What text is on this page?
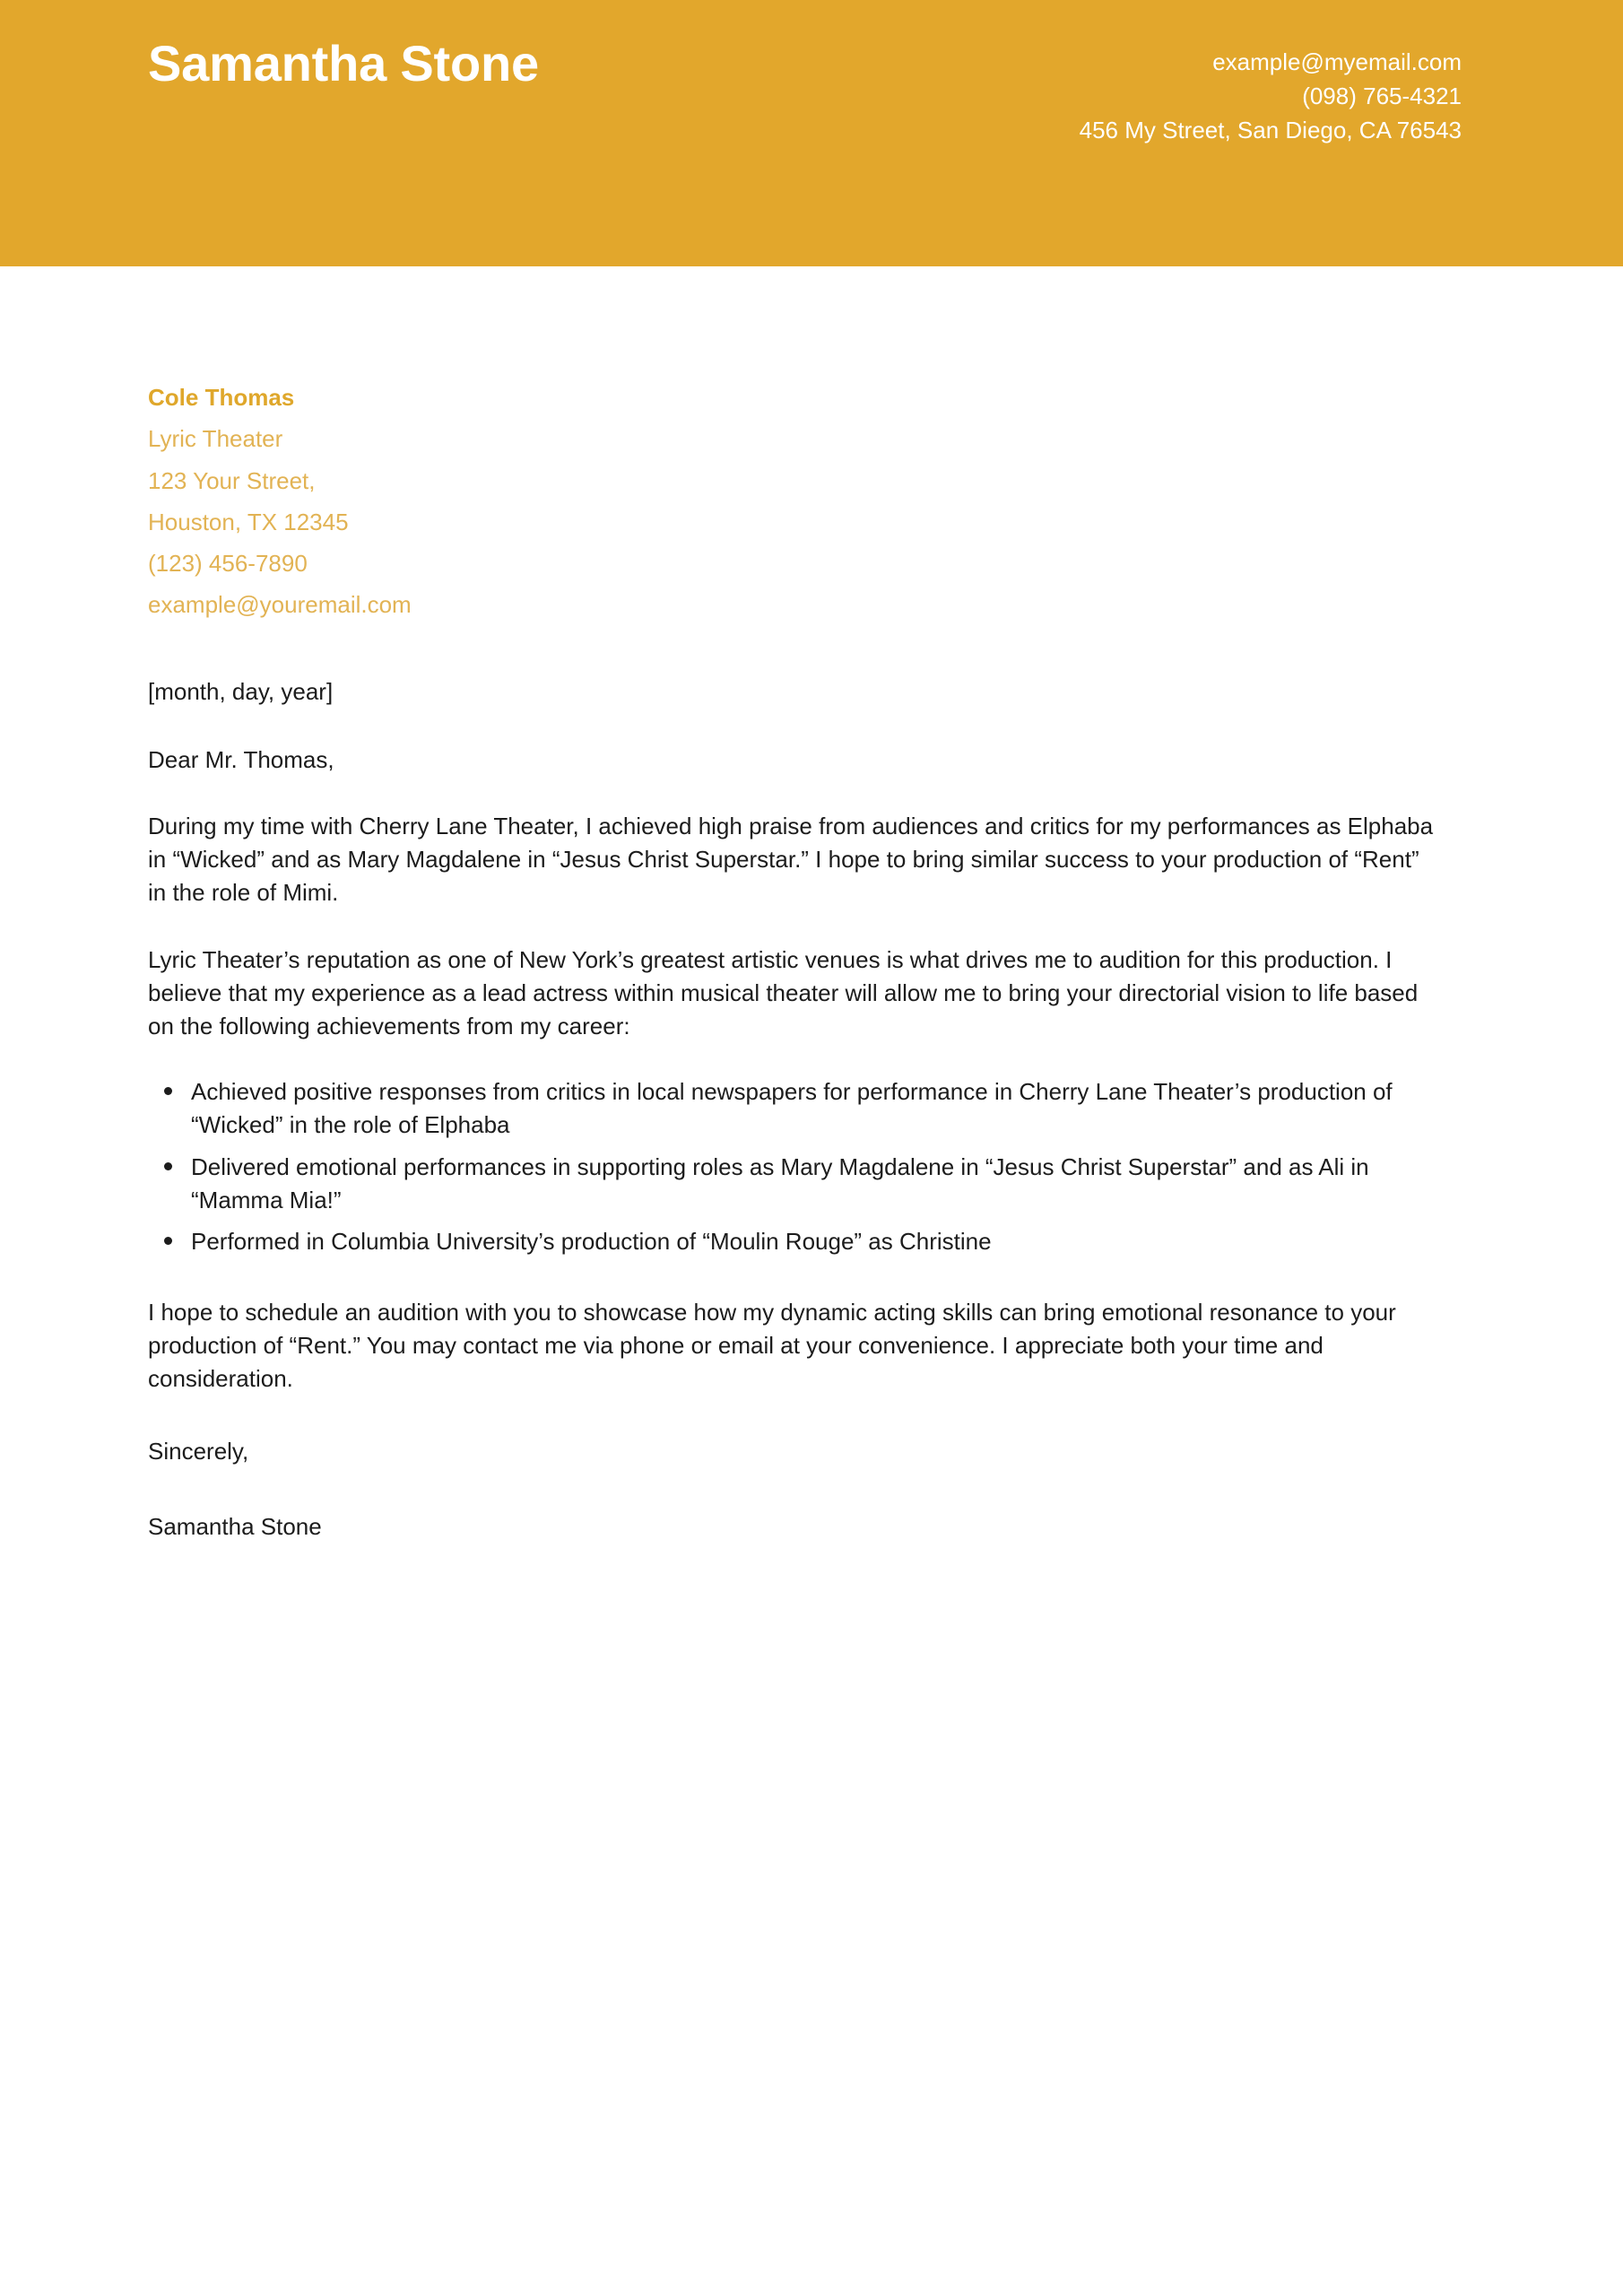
Samantha Stone	example@myemail.com
(098) 765-4321
456 My Street, San Diego, CA 76543
Cole Thomas
Lyric Theater
123 Your Street,
Houston, TX 12345
(123) 456-7890
example@youremail.com
[month, day, year]
Dear Mr. Thomas,

During my time with Cherry Lane Theater, I achieved high praise from audiences and critics for my performances as Elphaba in “Wicked” and as Mary Magdalene in “Jesus Christ Superstar.” I hope to bring similar success to your production of “Rent” in the role of Mimi.

Lyric Theater’s reputation as one of New York’s greatest artistic venues is what drives me to audition for this production. I believe that my experience as a lead actress within musical theater will allow me to bring your directorial vision to life based on the following achievements from my career:

Achieved positive responses from critics in local newspapers for performance in Cherry Lane Theater’s production of “Wicked” in the role of Elphaba
Delivered emotional performances in supporting roles as Mary Magdalene in “Jesus Christ Superstar” and as Ali in “Mamma Mia!”
Performed in Columbia University’s production of “Moulin Rouge” as Christine

I hope to schedule an audition with you to showcase how my dynamic acting skills can bring emotional resonance to your production of “Rent.” You may contact me via phone or email at your convenience. I appreciate both your time and consideration.

Sincerely,
Samantha Stone
